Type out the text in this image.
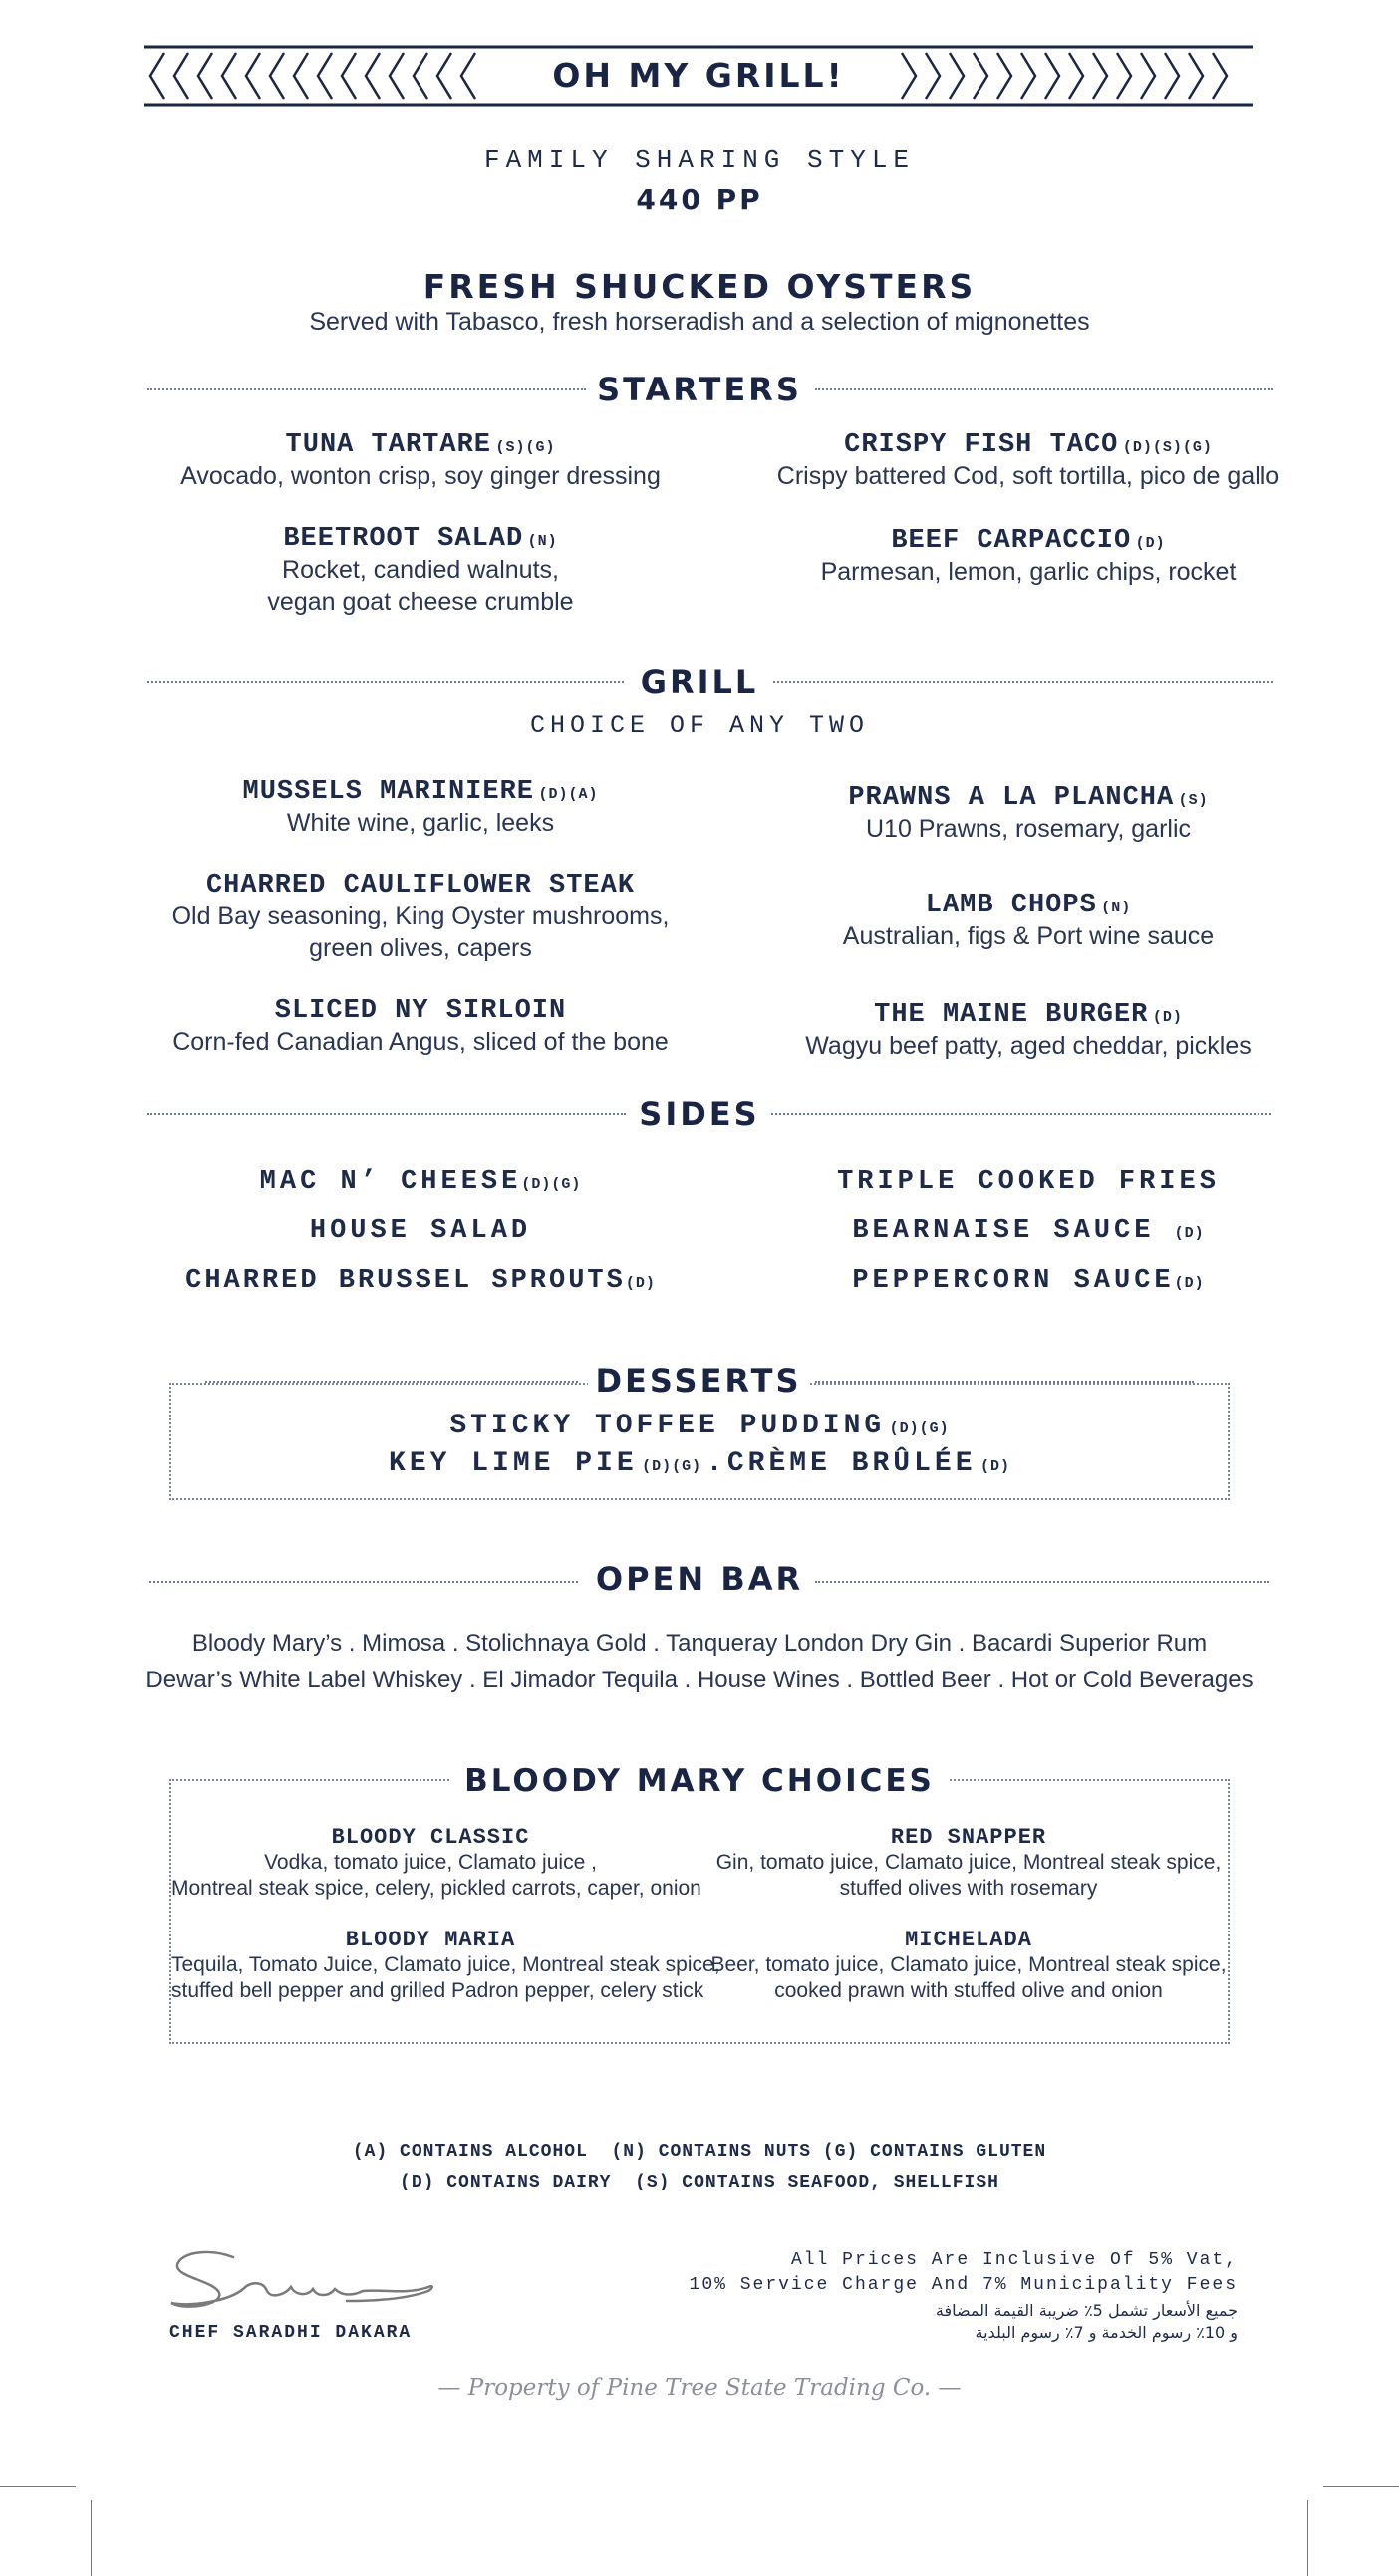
OH MY GRILL!
FAMILY SHARING STYLE
440 PP
FRESH SHUCKED OYSTERS
Served with Tabasco, fresh horseradish and a selection of mignonettes
STARTERS
TUNA TARTARE (S)(G)
Avocado, wonton crisp, soy ginger dressing
CRISPY FISH TACO (D)(S)(G)
Crispy battered Cod, soft tortilla, pico de gallo
BEETROOT SALAD (N)
Rocket, candied walnuts,
vegan goat cheese crumble
BEEF CARPACCIO (D)
Parmesan, lemon, garlic chips, rocket
GRILL
CHOICE OF ANY TWO
MUSSELS MARINIERE (D)(A)
White wine, garlic, leeks
PRAWNS A LA PLANCHA (S)
U10 Prawns, rosemary, garlic
CHARRED CAULIFLOWER STEAK
Old Bay seasoning, King Oyster mushrooms,
green olives, capers
LAMB CHOPS (N)
Australian, figs & Port wine sauce
SLICED NY SIRLOIN
Corn-fed Canadian Angus, sliced of the bone
THE MAINE BURGER (D)
Wagyu beef patty, aged cheddar, pickles
SIDES
MAC N’ CHEESE(D)(G)	TRIPLE COOKED FRIES
HOUSE SALAD	BEARNAISE SAUCE (D)
CHARRED BRUSSEL SPROUTS(D)	PEPPERCORN SAUCE(D)
DESSERTS
STICKY TOFFEE PUDDING (D)(G)
KEY LIME PIE (D)(G) . CRÈME BRÛLÉE (D)
OPEN BAR
Bloody Mary’s . Mimosa . Stolichnaya Gold . Tanqueray London Dry Gin . Bacardi Superior Rum
Dewar’s White Label Whiskey . El Jimador Tequila . House Wines . Bottled Beer . Hot or Cold Beverages
BLOODY MARY CHOICES
BLOODY CLASSIC
Vodka, tomato juice, Clamato juice ,
Montreal steak spice, celery, pickled carrots, caper, onion
RED SNAPPER
Gin, tomato juice, Clamato juice, Montreal steak spice,
stuffed olives with rosemary
BLOODY MARIA
Tequila, Tomato Juice, Clamato juice, Montreal steak spice,
stuffed bell pepper and grilled Padron pepper, celery stick
MICHELADA
Beer, tomato juice, Clamato juice, Montreal steak spice,
cooked prawn with stuffed olive and onion
(A) CONTAINS ALCOHOL  (N) CONTAINS NUTS (G) CONTAINS GLUTEN
(D) CONTAINS DAIRY  (S) CONTAINS SEAFOOD, SHELLFISH
CHEF SARADHI DAKARA
All Prices Are Inclusive Of 5% Vat,
10% Service Charge And 7% Municipality Fees
جميع الأسعار تشمل 5٪ ضريبة القيمة المضافة
و 10٪ رسوم الخدمة و 7٪ رسوم البلدية
— Property of Pine Tree State Trading Co. —
